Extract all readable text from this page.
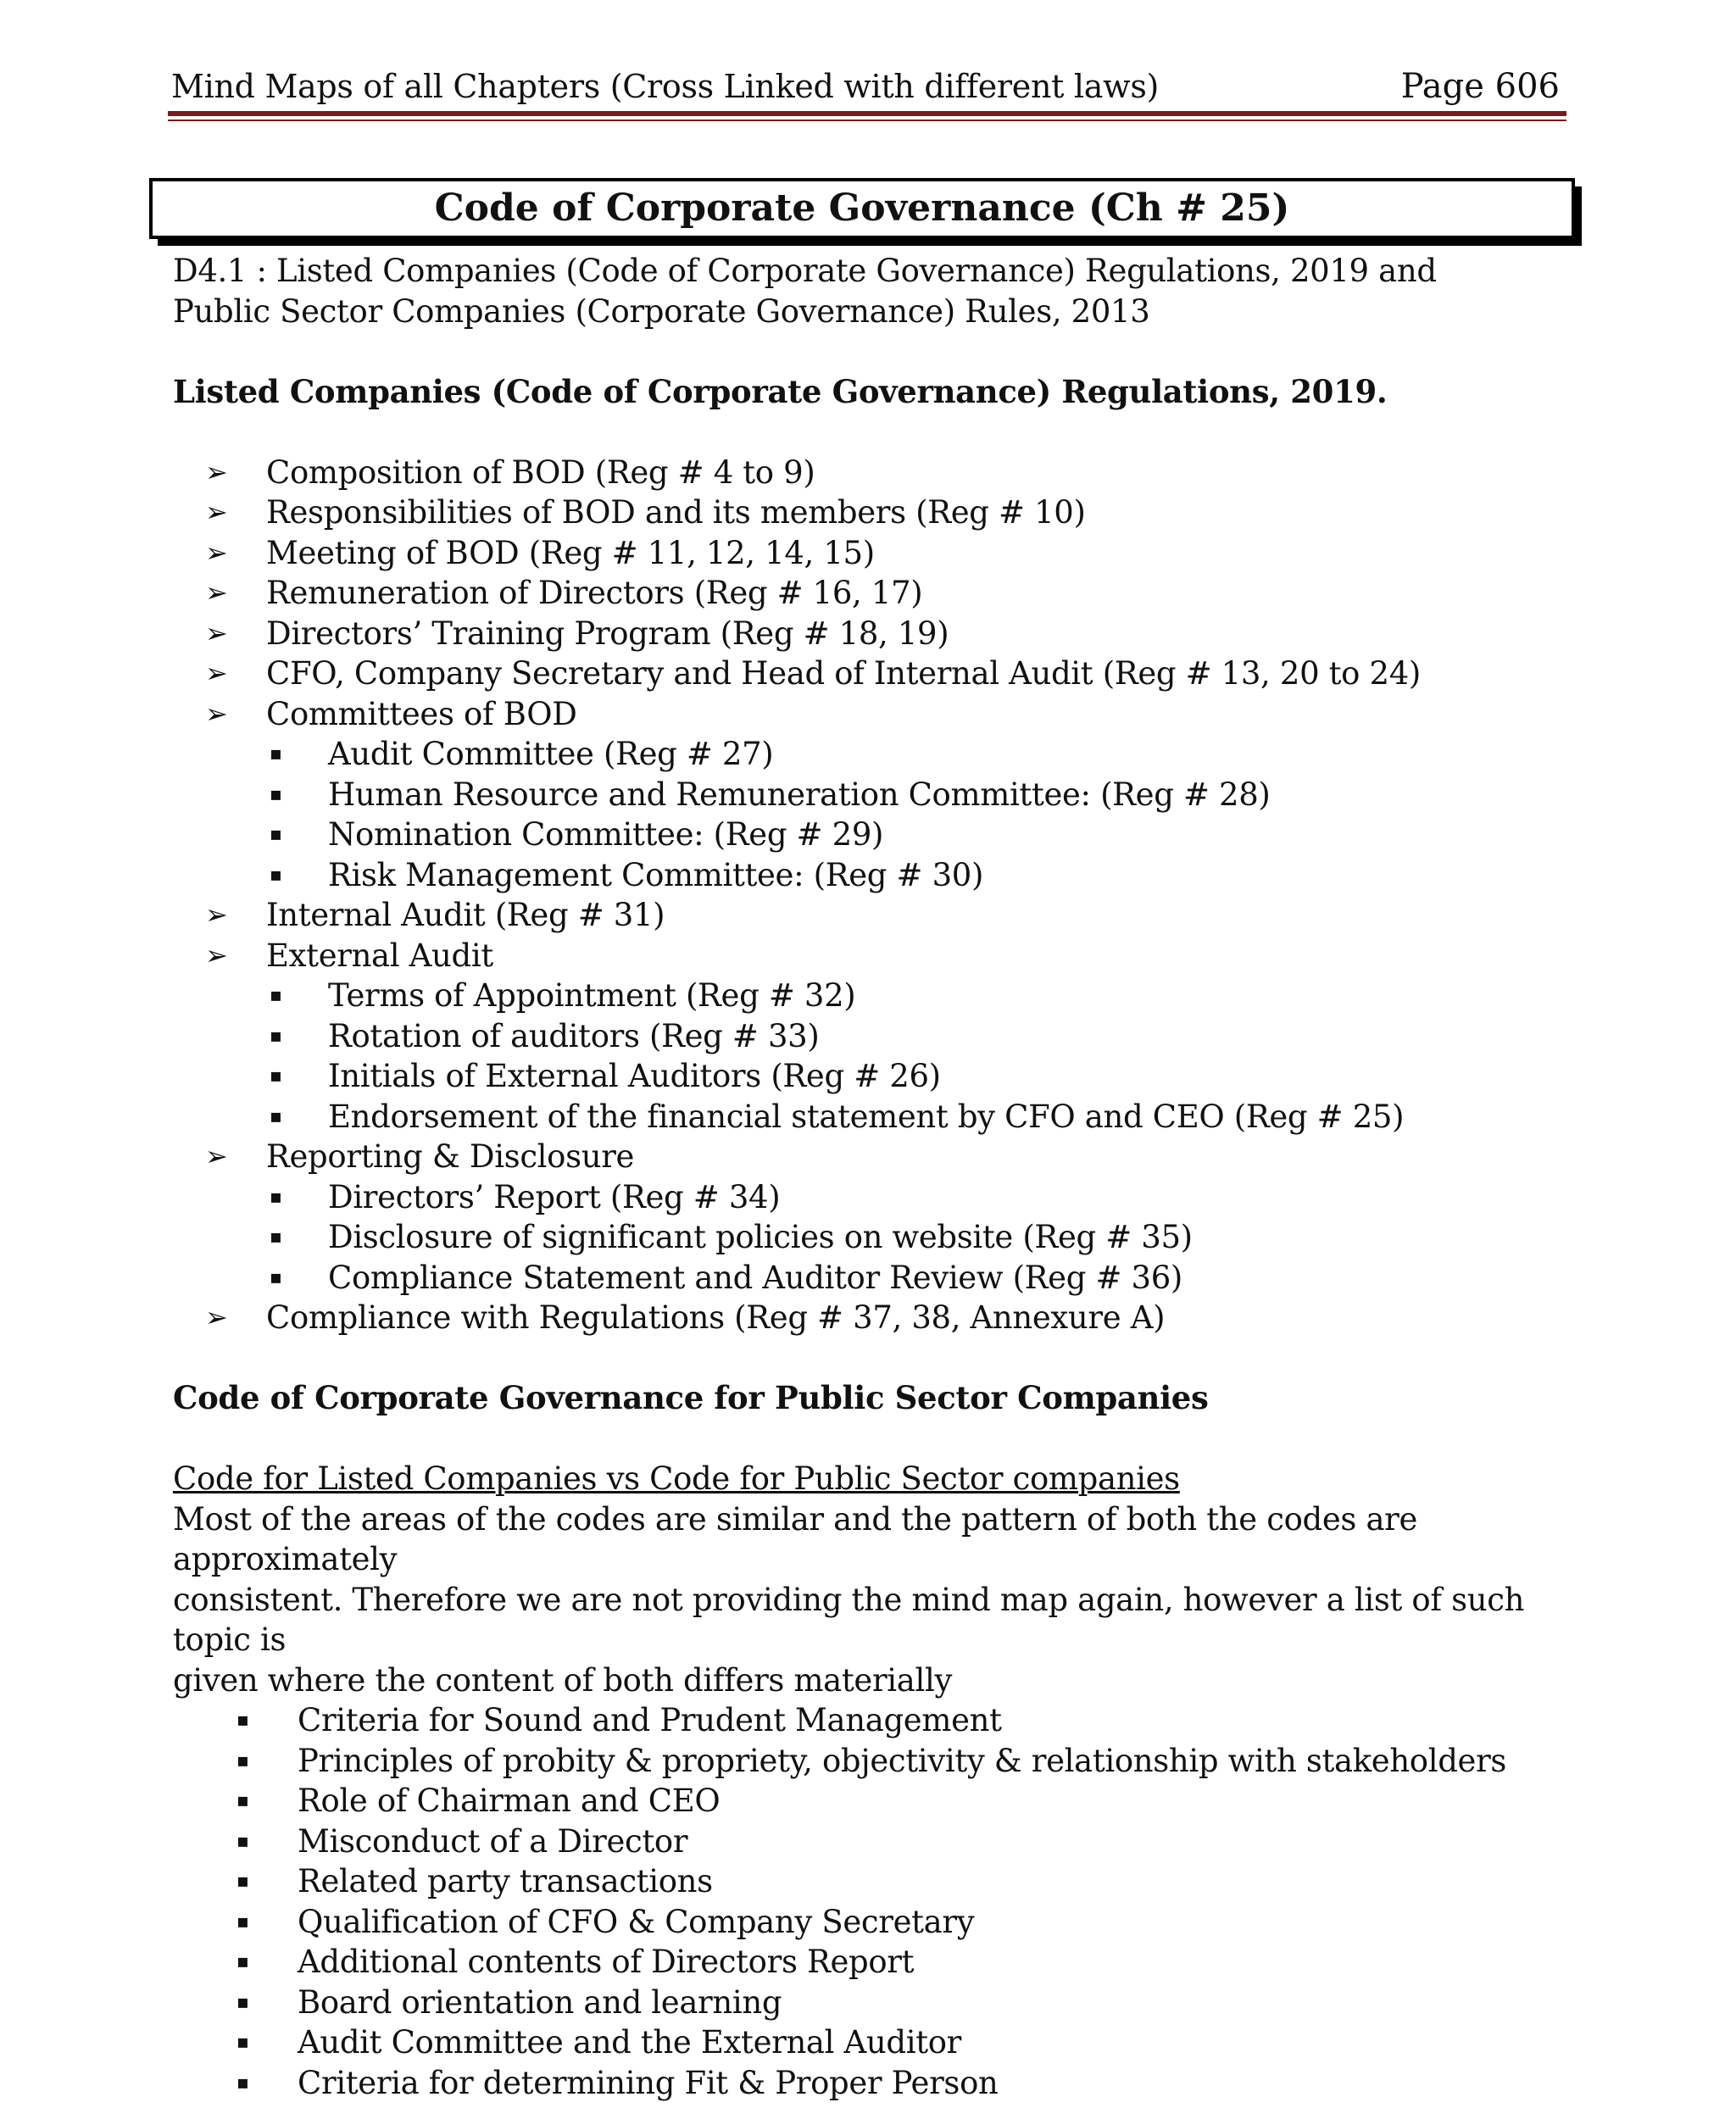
Mind Maps of all Chapters (Cross Linked with different laws)	Page 606
Code of Corporate Governance (Ch # 25)

D4.1 : Listed Companies (Code of Corporate Governance) Regulations, 2019 and

Public Sector Companies (Corporate Governance) Rules, 2013

Listed Companies (Code of Corporate Governance) Regulations, 2019.

➢ Composition of BOD (Reg # 4 to 9)
➢ Responsibilities of BOD and its members (Reg # 10)
➢ Meeting of BOD (Reg # 11, 12, 14, 15)
➢ Remuneration of Directors (Reg # 16, 17)
➢ Directors’ Training Program (Reg # 18, 19)
➢ CFO, Company Secretary and Head of Internal Audit (Reg # 13, 20 to 24)
➢ Committees of BOD
▪ Audit Committee (Reg # 27)
▪ Human Resource and Remuneration Committee: (Reg # 28)
▪ Nomination Committee: (Reg # 29)
▪ Risk Management Committee: (Reg # 30)
➢ Internal Audit (Reg # 31)
➢ External Audit
▪ Terms of Appointment (Reg # 32)
▪ Rotation of auditors (Reg # 33)
▪ Initials of External Auditors (Reg # 26)
▪ Endorsement of the financial statement by CFO and CEO (Reg # 25)
➢ Reporting & Disclosure
▪ Directors’ Report (Reg # 34)
▪ Disclosure of significant policies on website (Reg # 35)
▪ Compliance Statement and Auditor Review (Reg # 36)
➢ Compliance with Regulations (Reg # 37, 38, Annexure A)

Code of Corporate Governance for Public Sector Companies

Code for Listed Companies vs Code for Public Sector companies

Most of the areas of the codes are similar and the pattern of both the codes are approximately

consistent. Therefore we are not providing the mind map again, however a list of such topic is

given where the content of both differs materially

▪ Criteria for Sound and Prudent Management
▪ Principles of probity & propriety, objectivity & relationship with stakeholders
▪ Role of Chairman and CEO
▪ Misconduct of a Director
▪ Related party transactions
▪ Qualification of CFO & Company Secretary
▪ Additional contents of Directors Report
▪ Board orientation and learning
▪ Audit Committee and the External Auditor
▪ Criteria for determining Fit & Proper Person
